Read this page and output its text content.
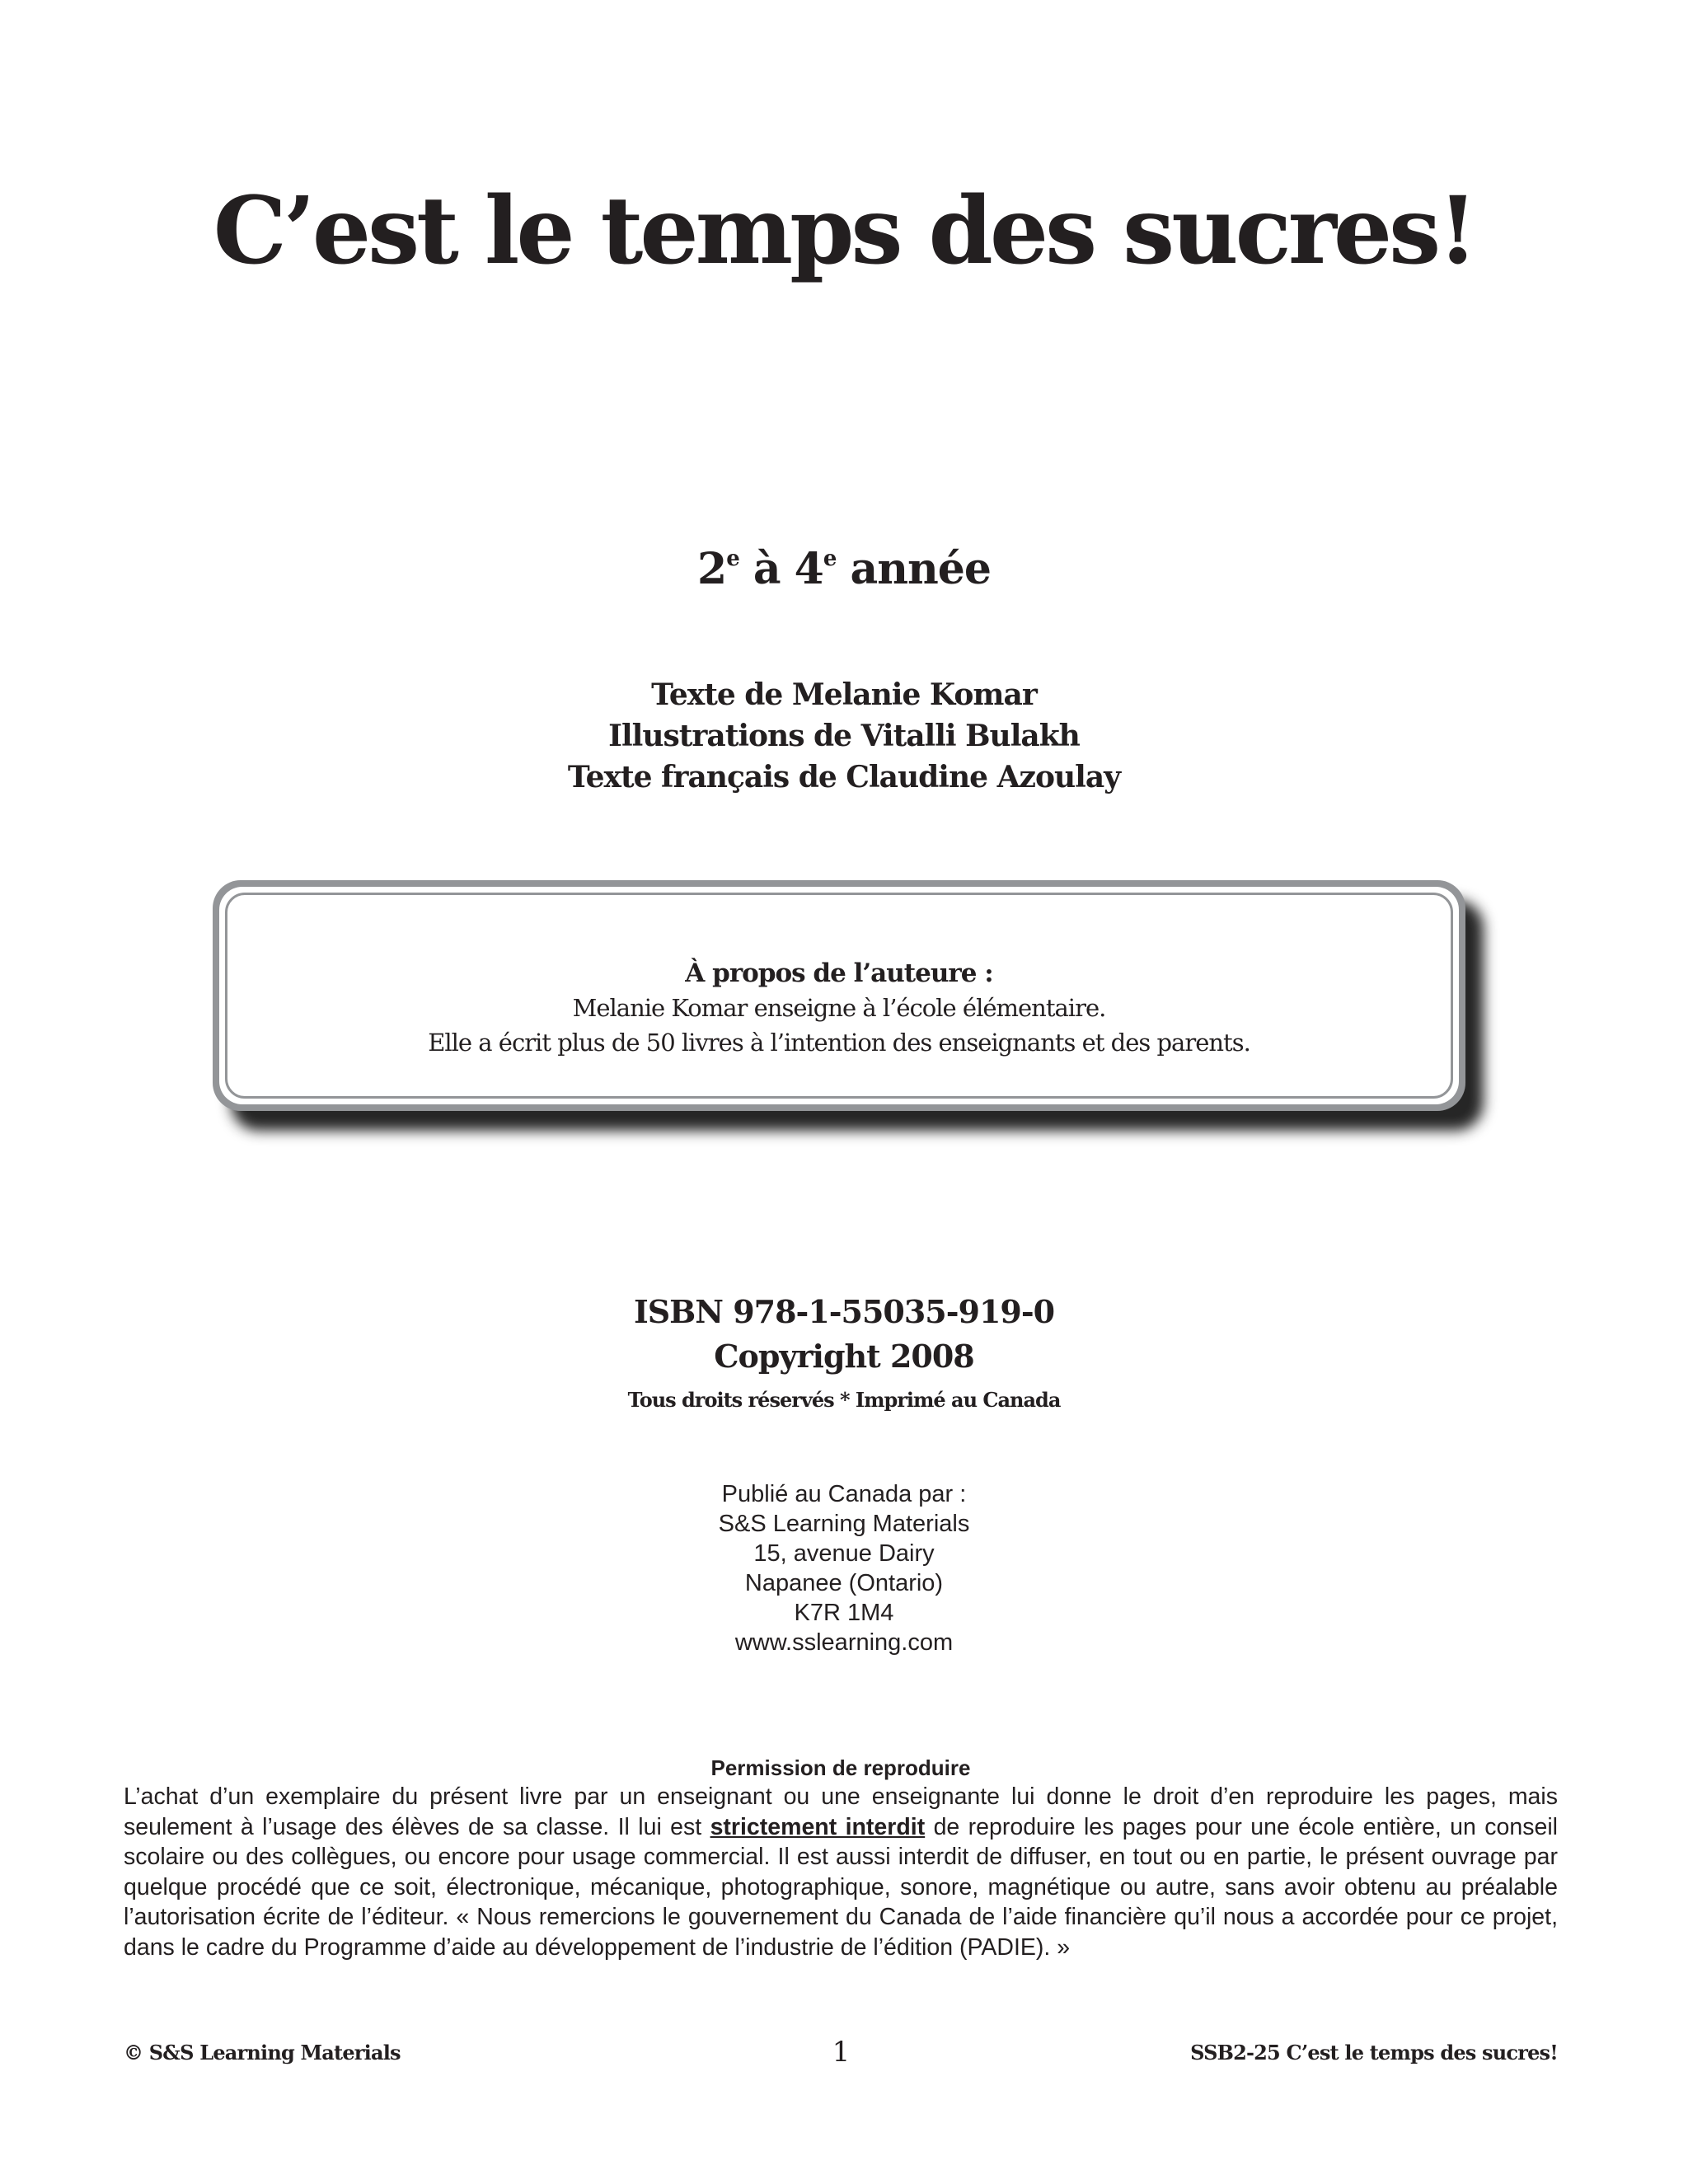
C’est le temps des sucres!
2e à 4e année
Texte de Melanie Komar
Illustrations de Vitalli Bulakh
Texte français de Claudine Azoulay
À propos de l’auteure :
Melanie Komar enseigne à l’école élémentaire.
Elle a écrit plus de 50 livres à l’intention des enseignants et des parents.
ISBN 978-1-55035-919-0
Copyright 2008
Tous droits réservés * Imprimé au Canada
Publié au Canada par :
S&S Learning Materials
15, avenue Dairy
Napanee (Ontario)
K7R 1M4
www.sslearning.com
Permission de reproduire
L’achat d’un exemplaire du présent livre par un enseignant ou une enseignante lui donne le droit d’en reproduire les pages, mais seulement à l’usage des élèves de sa classe. Il lui est strictement interdit de reproduire les pages pour une école entière, un conseil scolaire ou des collègues, ou encore pour usage commercial. Il est aussi interdit de diffuser, en tout ou en partie, le présent ouvrage par quelque procédé que ce soit, électronique, mécanique, photographique, sonore, magnétique ou autre, sans avoir obtenu au préalable l’autorisation écrite de l’éditeur. « Nous remercions le gouvernement du Canada de l’aide financière qu’il nous a accordée pour ce projet, dans le cadre du Programme d’aide au développement de l’industrie de l’édition (PADIE). »
© S&S Learning Materials	1	SSB2-25 C’est le temps des sucres!
